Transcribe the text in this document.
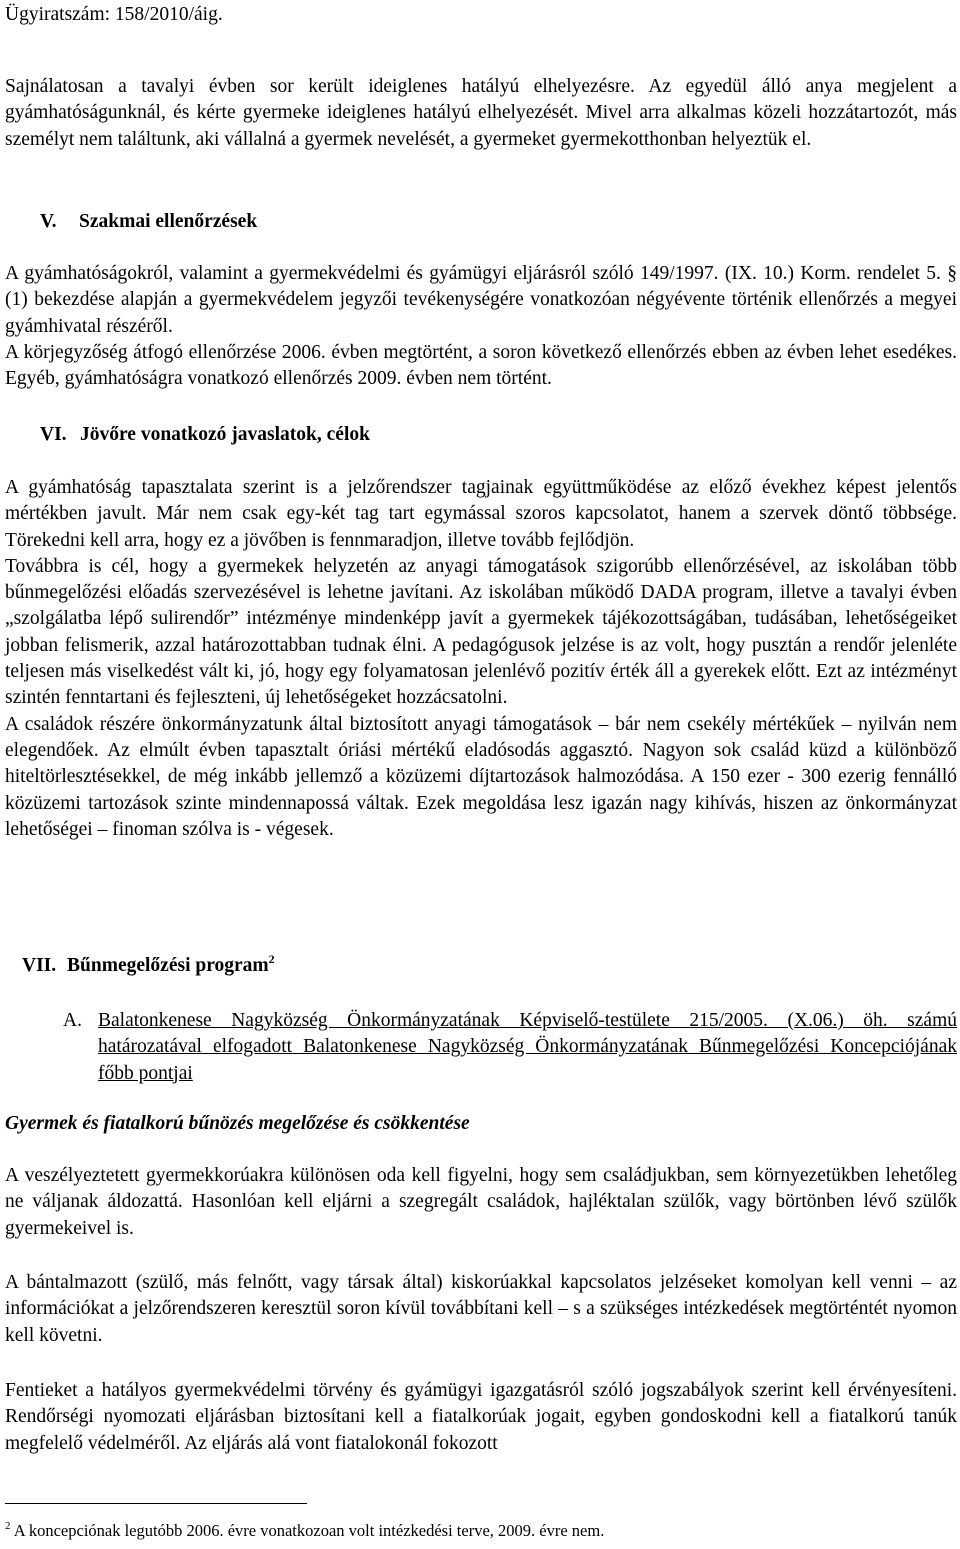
Ügyiratszám: 158/2010/áig.

Sajnálatosan a tavalyi évben sor került ideiglenes hatályú elhelyezésre. Az egyedül álló anya megjelent a gyámhatóságunknál, és kérte gyermeke ideiglenes hatályú elhelyezését. Mivel arra alkalmas közeli hozzátartozót, más személyt nem találtunk, aki vállalná a gyermek nevelését, a gyermeket gyermekotthonban helyeztük el.

V. Szakmai ellenőrzések

A gyámhatóságokról, valamint a gyermekvédelmi és gyámügyi eljárásról szóló 149/1997. (IX. 10.) Korm. rendelet 5. § (1) bekezdése alapján a gyermekvédelem jegyzői tevékenységére vonatkozóan négyévente történik ellenőrzés a megyei gyámhivatal részéről.

A körjegyzőség átfogó ellenőrzése 2006. évben megtörtént, a soron következő ellenőrzés ebben az évben lehet esedékes. Egyéb, gyámhatóságra vonatkozó ellenőrzés 2009. évben nem történt.

VI. Jövőre vonatkozó javaslatok, célok

A gyámhatóság tapasztalata szerint is a jelzőrendszer tagjainak együttműködése az előző évekhez képest jelentős mértékben javult. Már nem csak egy-két tag tart egymással szoros kapcsolatot, hanem a szervek döntő többsége. Törekedni kell arra, hogy ez a jövőben is fennmaradjon, illetve tovább fejlődjön.

Továbbra is cél, hogy a gyermekek helyzetén az anyagi támogatások szigorúbb ellenőrzésével, az iskolában több bűnmegelőzési előadás szervezésével is lehetne javítani. Az iskolában működő DADA program, illetve a tavalyi évben „szolgálatba lépő sulirendőr” intézménye mindenképp javít a gyermekek tájékozottságában, tudásában, lehetőségeiket jobban felismerik, azzal határozottabban tudnak élni. A pedagógusok jelzése is az volt, hogy pusztán a rendőr jelenléte teljesen más viselkedést vált ki, jó, hogy egy folyamatosan jelenlévő pozitív érték áll a gyerekek előtt. Ezt az intézményt szintén fenntartani és fejleszteni, új lehetőségeket hozzácsatolni.

A családok részére önkormányzatunk által biztosított anyagi támogatások – bár nem csekély mértékűek – nyilván nem elegendőek. Az elmúlt évben tapasztalt óriási mértékű eladósodás aggasztó. Nagyon sok család küzd a különböző hiteltörlesztésekkel, de még inkább jellemző a közüzemi díjtartozások halmozódása. A 150 ezer - 300 ezerig fennálló közüzemi tartozások szinte mindennapossá váltak. Ezek megoldása lesz igazán nagy kihívás, hiszen az önkormányzat lehetőségei – finoman szólva is - végesek.

VII. Bűnmegelőzési program$^2$
A. Balatonkenese Nagyközség Önkormányzatának Képviselő-testülete 215/2005. (X.06.) öh. számú határozatával elfogadott Balatonkenese Nagyközség Önkormányzatának Bűnmegelőzési Koncepciójának főbb pontjai

Gyermek és fiatalkorú bűnözés megelőzése és csökkentése

A veszélyeztetett gyermekkorúakra különösen oda kell figyelni, hogy sem családjukban, sem környezetükben lehetőleg ne váljanak áldozattá. Hasonlóan kell eljárni a szegregált családok, hajléktalan szülők, vagy börtönben lévő szülők gyermekeivel is.

A bántalmazott (szülő, más felnőtt, vagy társak által) kiskorúakkal kapcsolatos jelzéseket komolyan kell venni – az információkat a jelzőrendszeren keresztül soron kívül továbbítani kell – s a szükséges intézkedések megtörténtét nyomon kell követni.

Fentieket a hatályos gyermekvédelmi törvény és gyámügyi igazgatásról szóló jogszabályok szerint kell érvényesíteni. Rendőrségi nyomozati eljárásban biztosítani kell a fiatalkorúak jogait, egyben gondoskodni kell a fiatalkorú tanúk megfelelő védelméről. Az eljárás alá vont fiatalokonál fokozott

$^2$ A koncepciónak legutóbb 2006. évre vonatkozoan volt intézkedési terve, 2009. évre nem.
